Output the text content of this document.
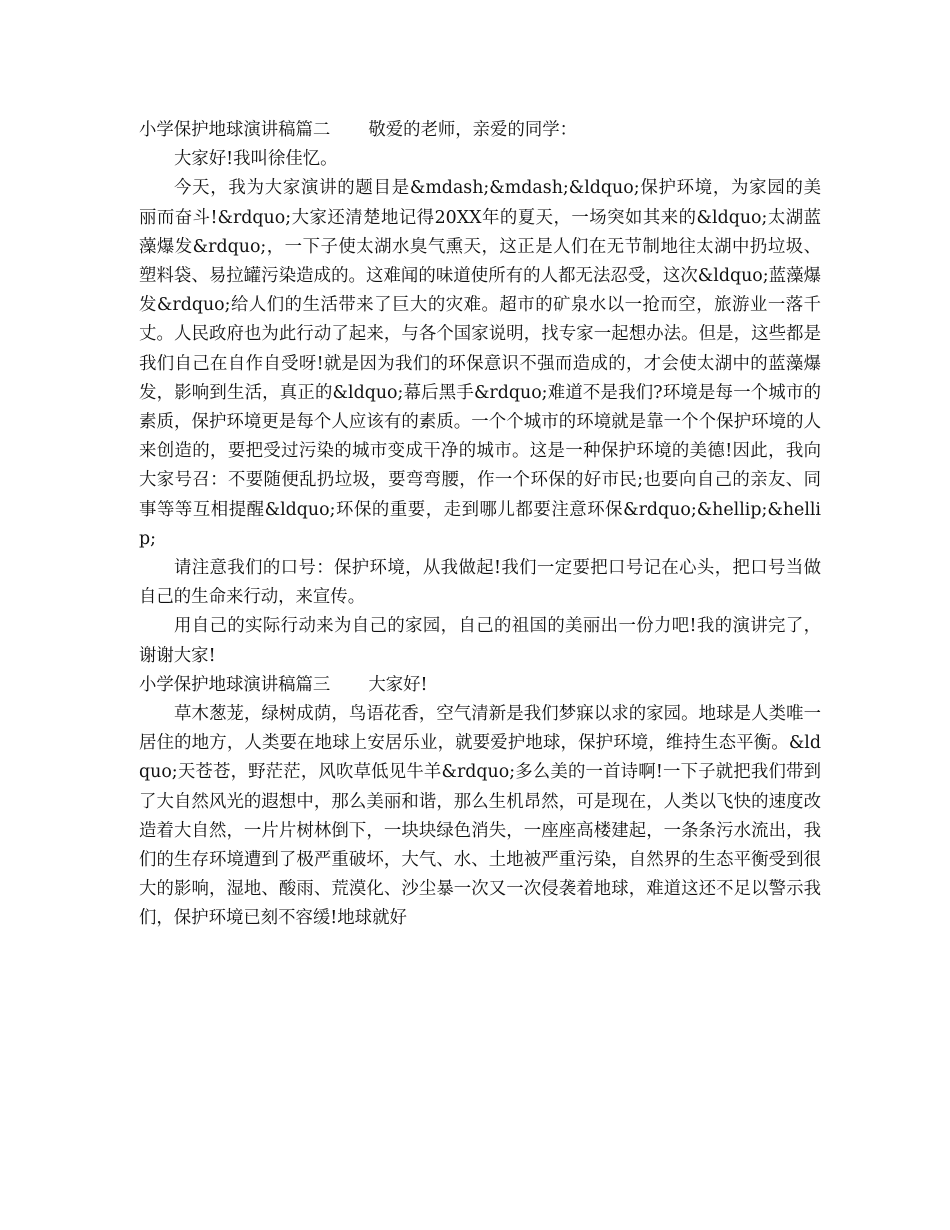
小学保护地球演讲稿篇二 敬爱的老师，亲爱的同学：

大家好!我叫徐佳忆。

今天，我为大家演讲的题目是&mdash;&mdash;&ldquo;保护环境，为家园的美丽而奋斗!&rdquo;大家还清楚地记得20XX年的夏天，一场突如其来的&ldquo;太湖蓝藻爆发&rdquo;，一下子使太湖水臭气熏天，这正是人们在无节制地往太湖中扔垃圾、塑料袋、易拉罐污染造成的。这难闻的味道使所有的人都无法忍受，这次&ldquo;蓝藻爆发&rdquo;给人们的生活带来了巨大的灾难。超市的矿泉水以一抢而空，旅游业一落千丈。人民政府也为此行动了起来，与各个国家说明，找专家一起想办法。但是，这些都是我们自己在自作自受呀!就是因为我们的环保意识不强而造成的，才会使太湖中的蓝藻爆发，影响到生活，真正的&ldquo;幕后黑手&rdquo;难道不是我们?环境是每一个城市的素质，保护环境更是每个人应该有的素质。一个个城市的环境就是靠一个个保护环境的人来创造的，要把受过污染的城市变成干净的城市。这是一种保护环境的美德!因此，我向大家号召：不要随便乱扔垃圾，要弯弯腰，作一个环保的好市民;也要向自己的亲友、同事等等互相提醒&ldquo;环保的重要，走到哪儿都要注意环保&rdquo;&hellip;&hellip;

请注意我们的口号：保护环境，从我做起!我们一定要把口号记在心头，把口号当做自己的生命来行动，来宣传。

用自己的实际行动来为自己的家园，自己的祖国的美丽出一份力吧!我的演讲完了，谢谢大家!

小学保护地球演讲稿篇三 大家好!

草木葱茏，绿树成荫，鸟语花香，空气清新是我们梦寐以求的家园。地球是人类唯一居住的地方，人类要在地球上安居乐业，就要爱护地球，保护环境，维持生态平衡。&ldquo;天苍苍，野茫茫，风吹草低见牛羊&rdquo;多么美的一首诗啊!一下子就把我们带到了大自然风光的遐想中，那么美丽和谐，那么生机昂然，可是现在，人类以飞快的速度改造着大自然，一片片树林倒下，一块块绿色消失，一座座高楼建起，一条条污水流出，我们的生存环境遭到了极严重破坏，大气、水、土地被严重污染，自然界的生态平衡受到很大的影响，湿地、酸雨、荒漠化、沙尘暴一次又一次侵袭着地球，难道这还不足以警示我们，保护环境已刻不容缓!地球就好
